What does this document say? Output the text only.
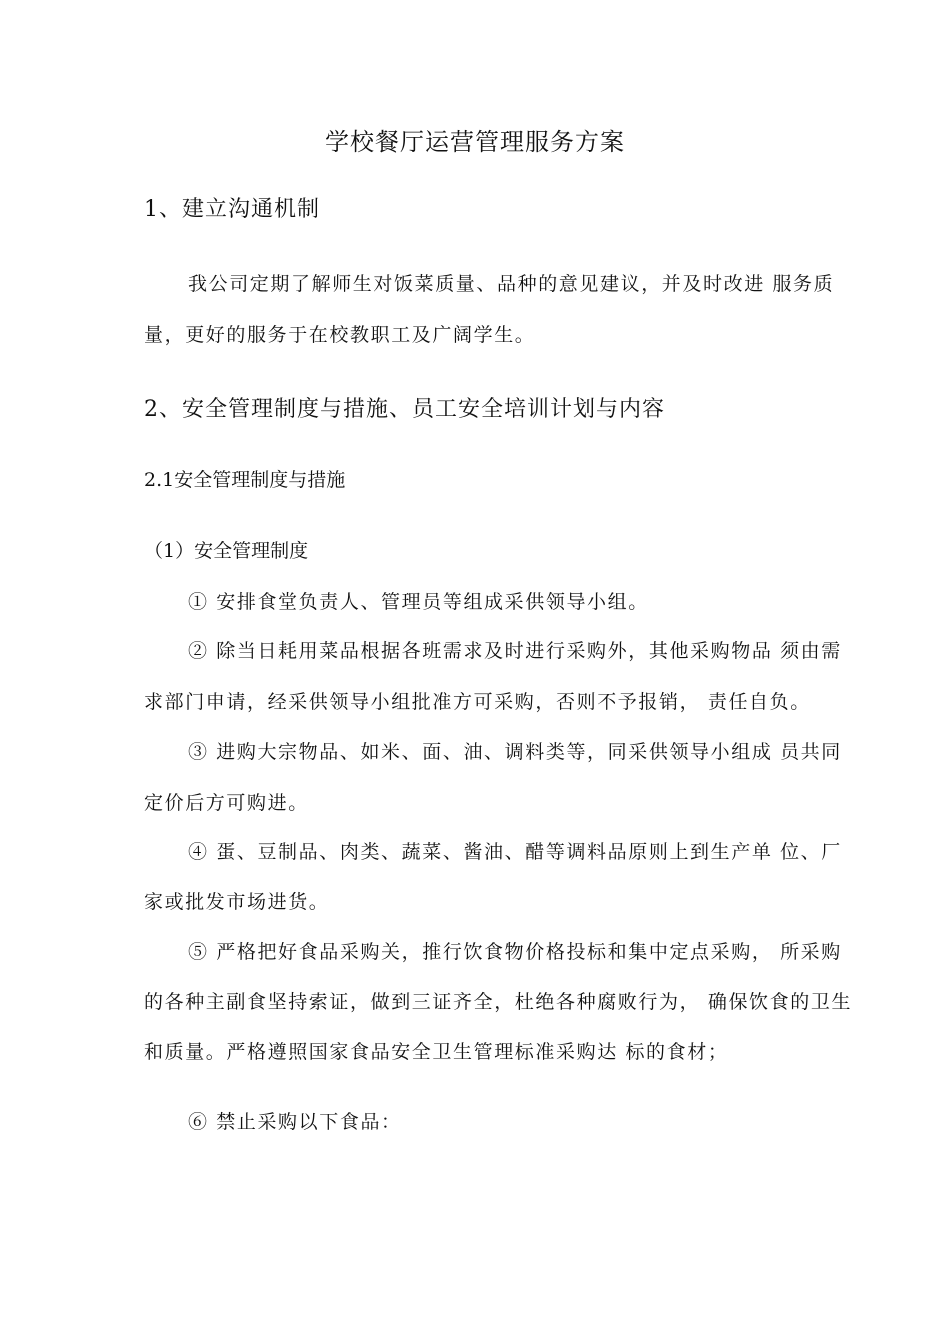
学校餐厅运营管理服务方案
1、建立沟通机制
我公司定期了解师生对饭菜质量、品种的意见建议，并及时改进 服务质
量，更好的服务于在校教职工及广阔学生。
2、安全管理制度与措施、员工安全培训计划与内容
2.1安全管理制度与措施
（1）安全管理制度
① 安排食堂负责人、管理员等组成采供领导小组。
② 除当日耗用菜品根据各班需求及时进行采购外，其他采购物品 须由需
求部门申请，经采供领导小组批准方可采购，否则不予报销， 责任自负。
③ 进购大宗物品、如米、面、油、调料类等，同采供领导小组成 员共同
定价后方可购进。
④ 蛋、豆制品、肉类、蔬菜、酱油、醋等调料品原则上到生产单 位、厂
家或批发市场进货。
⑤ 严格把好食品采购关，推行饮食物价格投标和集中定点采购， 所采购
的各种主副食坚持索证，做到三证齐全，杜绝各种腐败行为， 确保饮食的卫生
和质量。严格遵照国家食品安全卫生管理标准采购达 标的食材；
⑥ 禁止采购以下食品：
